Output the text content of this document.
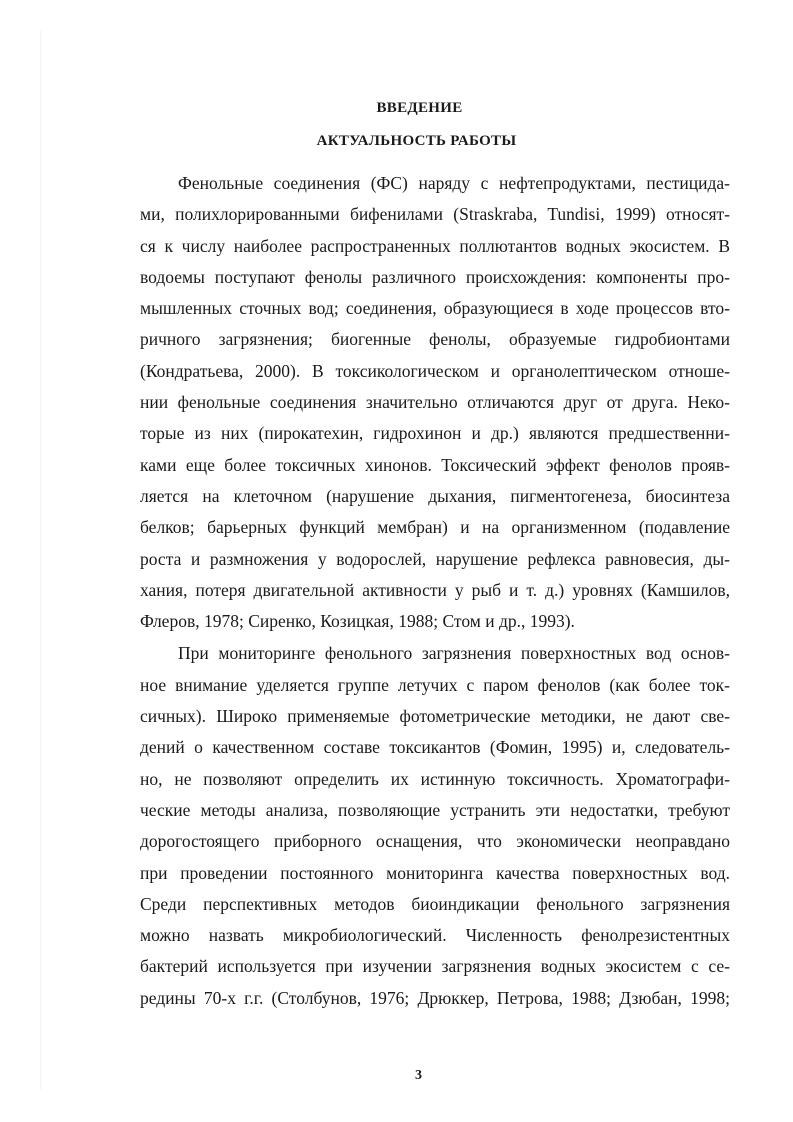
ВВЕДЕНИЕ
АКТУАЛЬНОСТЬ РАБОТЫ

Фенольные соединения (ФС) наряду с нефтепродуктами, пестицида-
ми, полихлорированными бифенилами (Straskraba, Tundisi, 1999) относят-
ся к числу наиболее распространенных поллютантов водных экосистем. В
водоемы поступают фенолы различного происхождения: компоненты про-
мышленных сточных вод; соединения, образующиеся в ходе процессов вто-
ричного загрязнения; биогенные фенолы, образуемые гидробионтами
(Кондратьева, 2000). В токсикологическом и органолептическом отноше-
нии фенольные соединения значительно отличаются друг от друга. Неко-
торые из них (пирокатехин, гидрохинон и др.) являются предшественни-
ками еще более токсичных хинонов. Токсический эффект фенолов прояв-
ляется на клеточном (нарушение дыхания, пигментогенеза, биосинтеза
белков; барьерных функций мембран) и на организменном (подавление
роста и размножения у водорослей, нарушение рефлекса равновесия, ды-
хания, потеря двигательной активности у рыб и т. д.) уровнях (Камшилов,
Флеров, 1978; Сиренко, Козицкая, 1988; Стом и др., 1993).

При мониторинге фенольного загрязнения поверхностных вод основ-
ное внимание уделяется группе летучих с паром фенолов (как более ток-
сичных). Широко применяемые фотометрические методики, не дают све-
дений о качественном составе токсикантов (Фомин, 1995) и, следователь-
но, не позволяют определить их истинную токсичность. Хроматографи-
ческие методы анализа, позволяющие устранить эти недостатки, требуют
дорогостоящего приборного оснащения, что экономически неоправдано
при проведении постоянного мониторинга качества поверхностных вод.
Среди перспективных методов биоиндикации фенольного загрязнения
можно назвать микробиологический. Численность фенолрезистентных
бактерий используется при изучении загрязнения водных экосистем с се-
редины 70-х г.г. (Столбунов, 1976; Дрюккер, Петрова, 1988; Дзюбан, 1998;

3
